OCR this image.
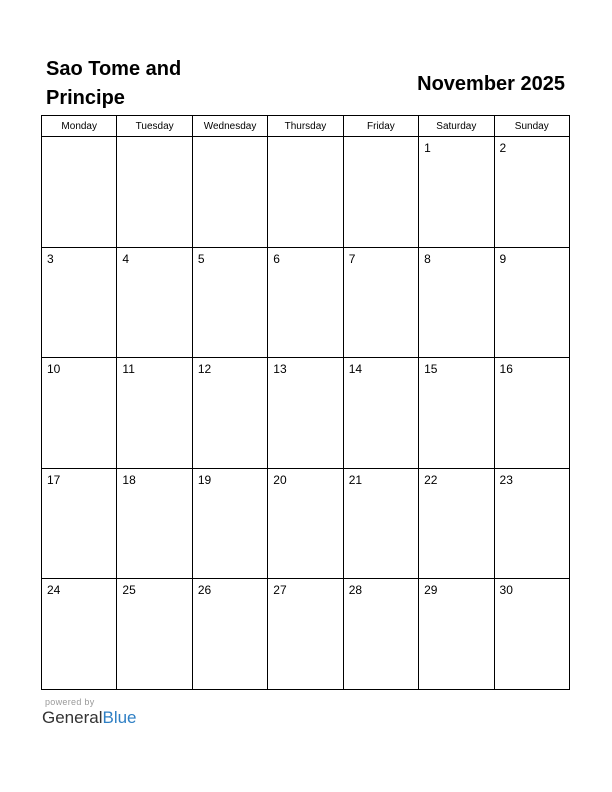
Sao Tome and Principe
November 2025
Monday	Tuesday	Wednesday	Thursday	Friday	Saturday	Sunday

					1	2

3	4	5	6	7	8	9

10	11	12	13	14	15	16

17	18	19	20	21	22	23

24	25	26	27	28	29	30
powered by
GeneralBlue
